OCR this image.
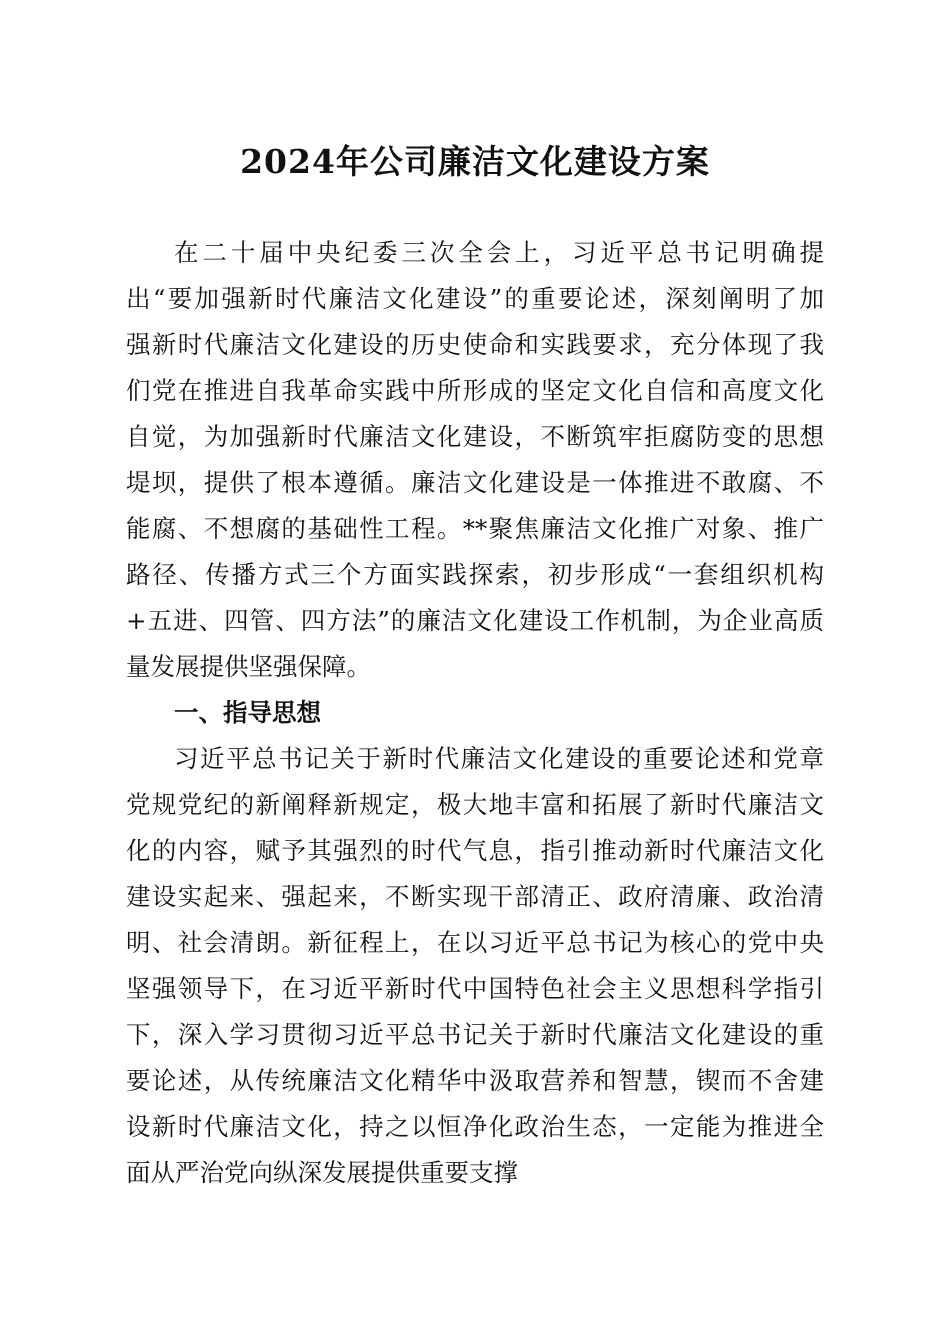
2024年公司廉洁文化建设方案
在二十届中央纪委三次全会上，习近平总书记明确提
出“要加强新时代廉洁文化建设”的重要论述，深刻阐明了加
强新时代廉洁文化建设的历史使命和实践要求，充分体现了我
们党在推进自我革命实践中所形成的坚定文化自信和高度文化
自觉，为加强新时代廉洁文化建设，不断筑牢拒腐防变的思想
堤坝，提供了根本遵循。廉洁文化建设是一体推进不敢腐、不
能腐、不想腐的基础性工程。**聚焦廉洁文化推广对象、推广
路径、传播方式三个方面实践探索，初步形成“一套组织机构
+五进、四管、四方法”的廉洁文化建设工作机制，为企业高质
量发展提供坚强保障。
一、指导思想
习近平总书记关于新时代廉洁文化建设的重要论述和党章
党规党纪的新阐释新规定，极大地丰富和拓展了新时代廉洁文
化的内容，赋予其强烈的时代气息，指引推动新时代廉洁文化
建设实起来、强起来，不断实现干部清正、政府清廉、政治清
明、社会清朗。新征程上，在以习近平总书记为核心的党中央
坚强领导下，在习近平新时代中国特色社会主义思想科学指引
下，深入学习贯彻习近平总书记关于新时代廉洁文化建设的重
要论述，从传统廉洁文化精华中汲取营养和智慧，锲而不舍建
设新时代廉洁文化，持之以恒净化政治生态，一定能为推进全
面从严治党向纵深发展提供重要支撑
